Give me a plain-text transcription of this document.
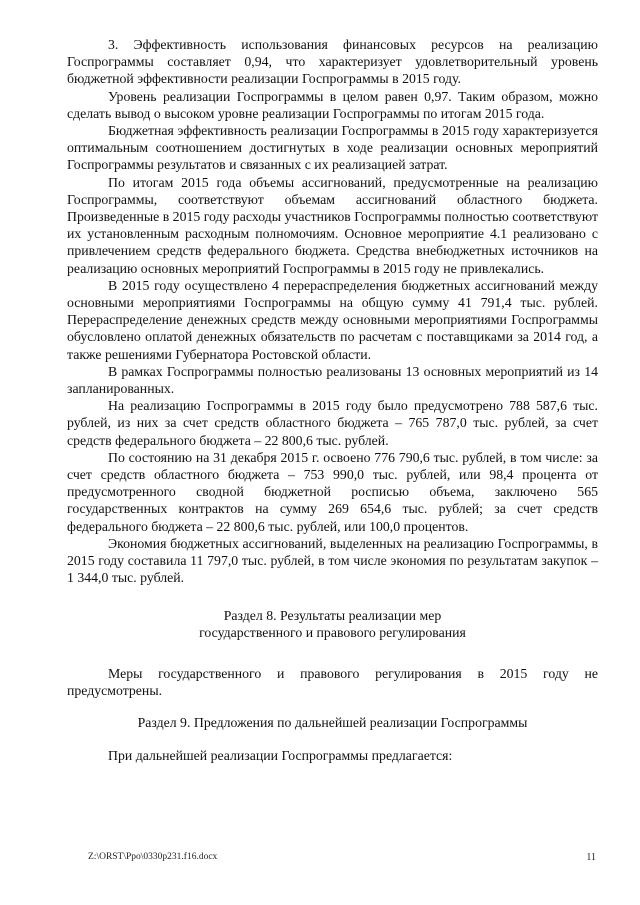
3. Эффективность использования финансовых ресурсов на реализацию Госпрограммы составляет 0,94, что характеризует удовлетворительный уровень бюджетной эффективности реализации Госпрограммы в 2015 году.

Уровень реализации Госпрограммы в целом равен 0,97. Таким образом, можно сделать вывод о высоком уровне реализации Госпрограммы по итогам 2015 года.

Бюджетная эффективность реализации Госпрограммы в 2015 году характеризуется оптимальным соотношением достигнутых в ходе реализации основных мероприятий Госпрограммы результатов и связанных с их реализацией затрат.

По итогам 2015 года объемы ассигнований, предусмотренные на реализацию Госпрограммы, соответствуют объемам ассигнований областного бюджета. Произведенные в 2015 году расходы участников Госпрограммы полностью соответствуют их установленным расходным полномочиям. Основное мероприятие 4.1 реализовано с привлечением средств федерального бюджета. Средства внебюджетных источников на реализацию основных мероприятий Госпрограммы в 2015 году не привлекались.

В 2015 году осуществлено 4 перераспределения бюджетных ассигнований между основными мероприятиями Госпрограммы на общую сумму 41 791,4 тыс. рублей. Перераспределение денежных средств между основными мероприятиями Госпрограммы обусловлено оплатой денежных обязательств по расчетам с поставщиками за 2014 год, а также решениями Губернатора Ростовской области.

В рамках Госпрограммы полностью реализованы 13 основных мероприятий из 14 запланированных.

На реализацию Госпрограммы в 2015 году было предусмотрено 788 587,6 тыс. рублей, из них за счет средств областного бюджета – 765 787,0 тыс. рублей, за счет средств федерального бюджета – 22 800,6 тыс. рублей.

По состоянию на 31 декабря 2015 г. освоено 776 790,6 тыс. рублей, в том числе: за счет средств областного бюджета – 753 990,0 тыс. рублей, или 98,4 процента от предусмотренного сводной бюджетной росписью объема, заключено 565 государственных контрактов на сумму 269 654,6 тыс. рублей; за счет средств федерального бюджета – 22 800,6 тыс. рублей, или 100,0 процентов.

Экономия бюджетных ассигнований, выделенных на реализацию Госпрограммы, в 2015 году составила 11 797,0 тыс. рублей, в том числе экономия по результатам закупок – 1 344,0 тыс. рублей.

Раздел 8. Результаты реализации мер

государственного и правового регулирования

Меры государственного и правового регулирования в 2015 году не предусмотрены.

Раздел 9. Предложения по дальнейшей реализации Госпрограммы

При дальнейшей реализации Госпрограммы предлагается:

Z:\ORST\Ppo\0330p231.f16.docx	11
